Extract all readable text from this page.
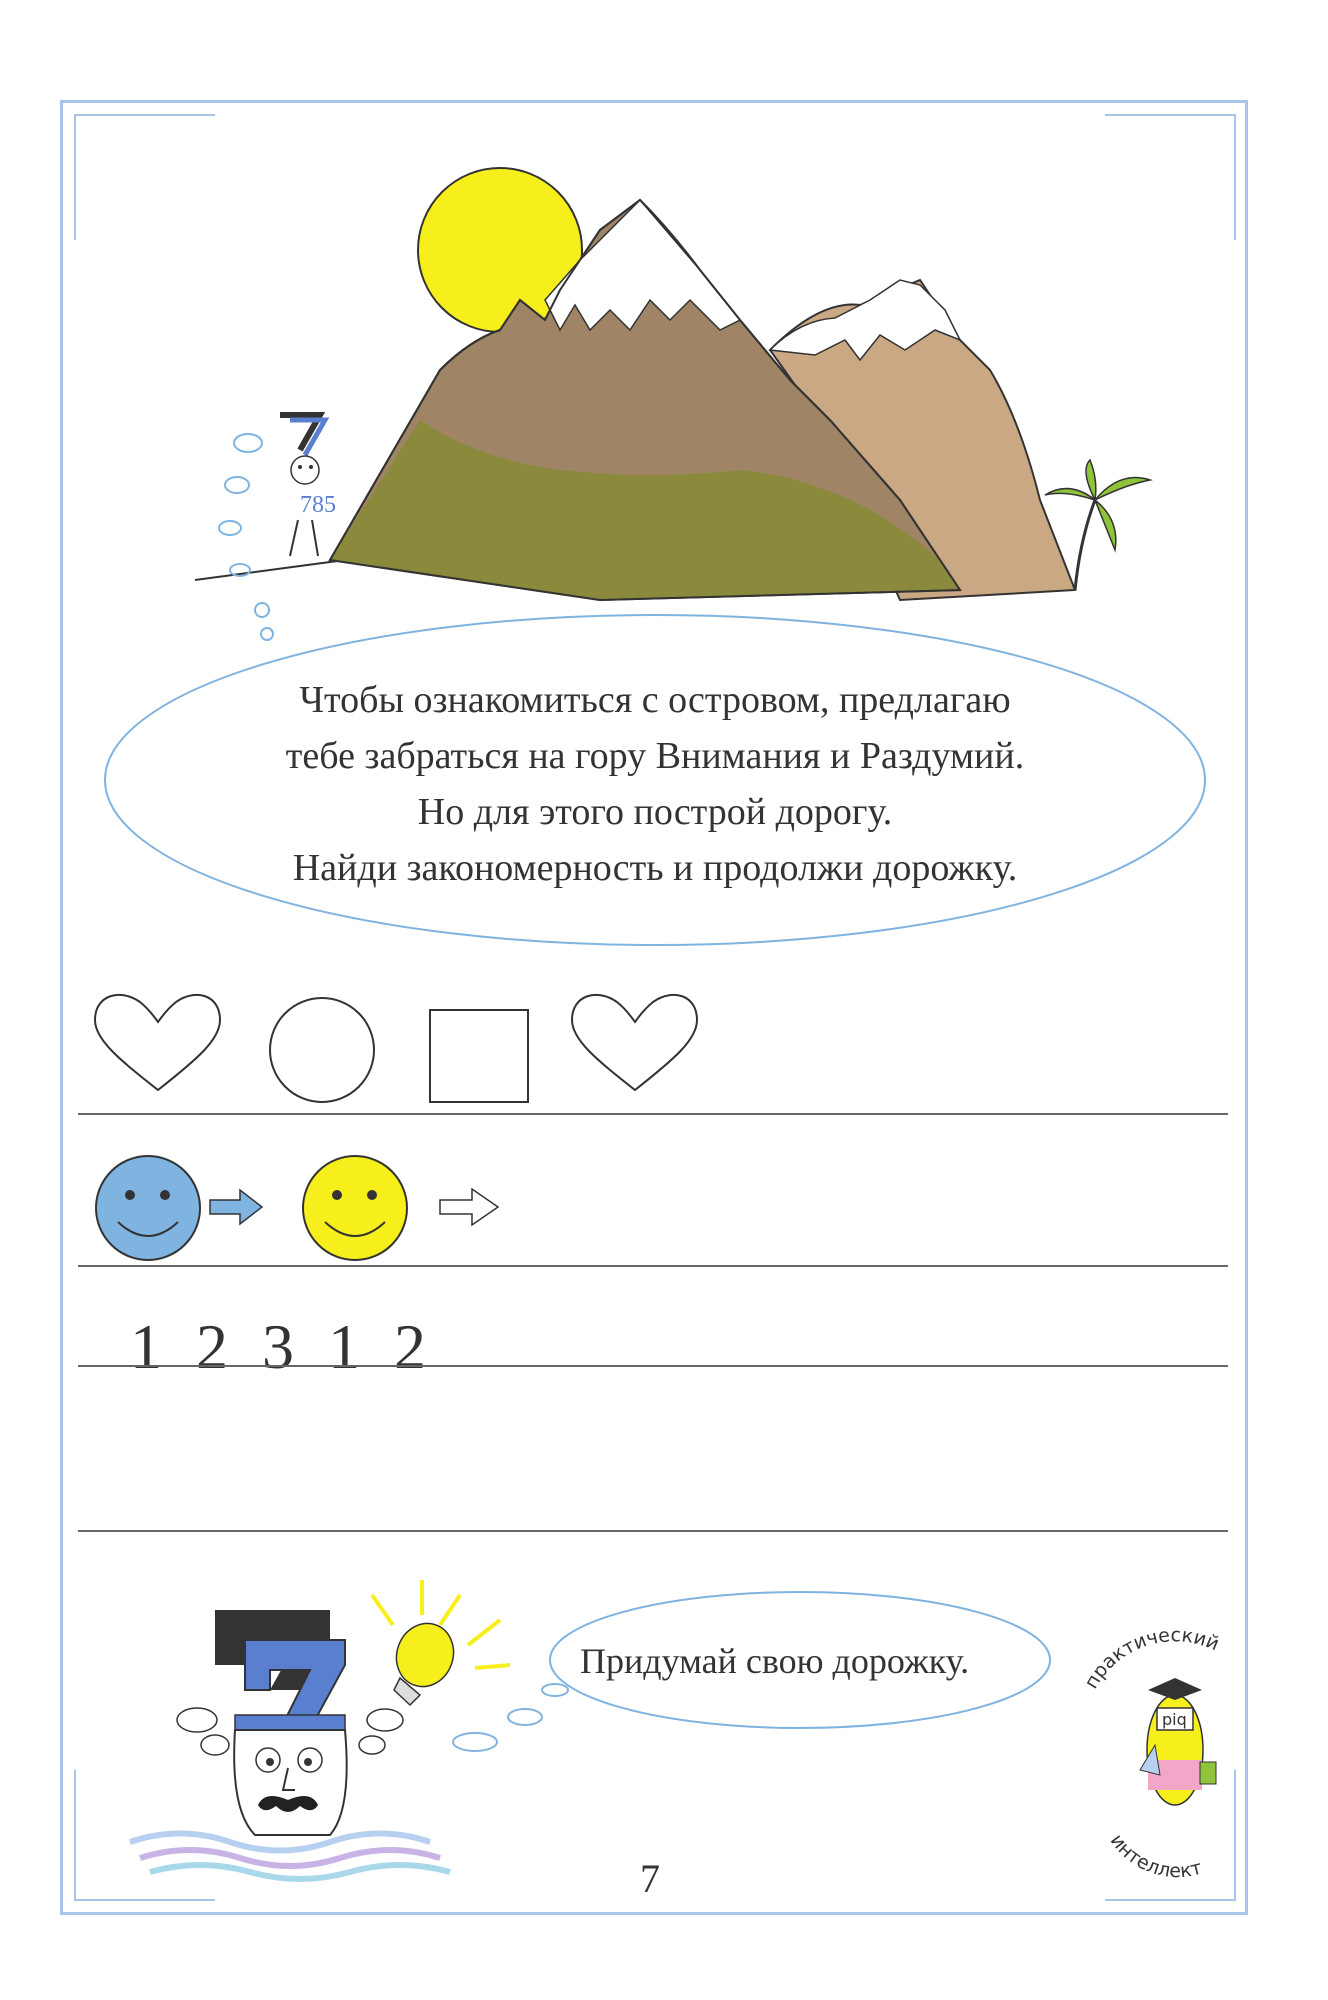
785
Чтобы ознакомиться с островом, предлагаю
тебе забраться на гору Внимания и Раздумий.
Но для этого построй дорогу.
Найди закономерность и продолжи дорожку.
1 2 3 1 2
практический
интеллект
piq
Придумай свою дорожку.
7
